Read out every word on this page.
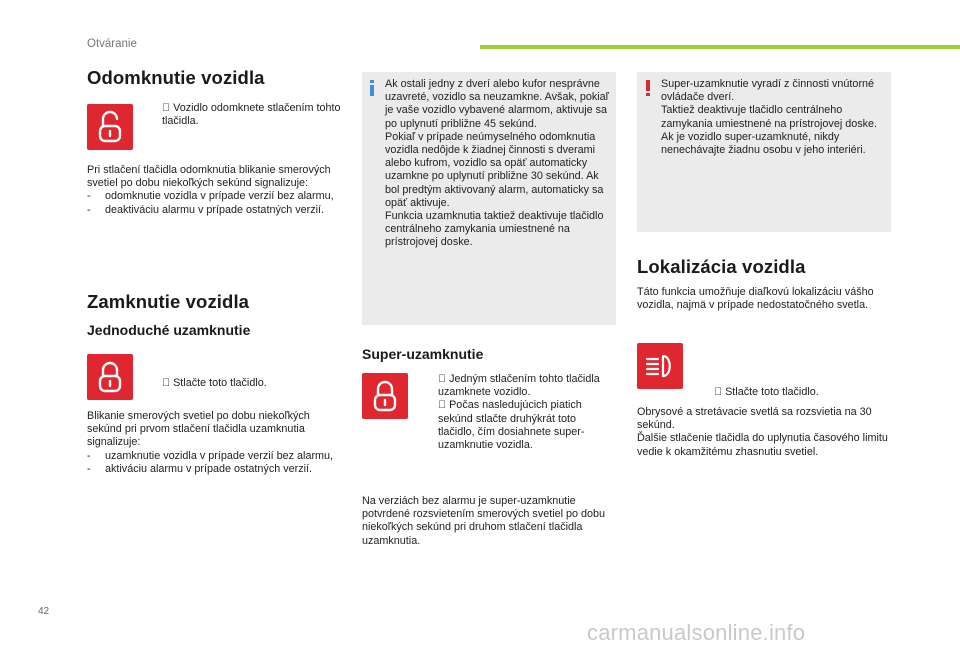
Otváranie
Odomknutie vozidla

Vozidlo odomknete stlačením tohto tlačidla.

Pri stlačení tlačidla odomknutia blikanie smerových svetiel po dobu niekoľkých sekúnd signalizuje:

- odomknutie vozidla v prípade verzií bez alarmu,
- deaktiváciu alarmu v prípade ostatných verzií.
Zamknutie vozidla
Jednoduché uzamknutie

Stlačte toto tlačidlo.

Blikanie smerových svetiel po dobu niekoľkých sekúnd pri prvom stlačení tlačidla uzamknutia signalizuje:

- uzamknutie vozidla v prípade verzií bez alarmu,
- aktiváciu alarmu v prípade ostatných verzií.
Ak ostali jedny z dverí alebo kufor nesprávne uzavreté, vozidlo sa neuzamkne. Avšak, pokiaľ je vaše vozidlo vybavené alarmom, aktivuje sa po uplynutí približne 45 sekúnd.
Pokiaľ v prípade neúmyselného odomknutia vozidla nedôjde k žiadnej činnosti s dverami alebo kufrom, vozidlo sa opäť automaticky uzamkne po uplynutí približne 30 sekúnd. Ak bol predtým aktivovaný alarm, automaticky sa opäť aktivuje.
Funkcia uzamknutia taktiež deaktivuje tlačidlo centrálneho zamykania umiestnené na prístrojovej doske.
Super-uzamknutie

Jedným stlačením tohto tlačidla uzamknete vozidlo.

Počas nasledujúcich piatich sekúnd stlačte druhýkrát toto tlačidlo, čím dosiahnete super-uzamknutie vozidla.
Na verziách bez alarmu je super-uzamknutie potvrdené rozsvietením smerových svetiel po dobu niekoľkých sekúnd pri druhom stlačení tlačidla uzamknutia.
Super-uzamknutie vyradí z činnosti vnútorné ovládače dverí.
Taktiež deaktivuje tlačidlo centrálneho zamykania umiestnené na prístrojovej doske.
Ak je vozidlo super-uzamknuté, nikdy nenechávajte žiadnu osobu v jeho interiéri.
Lokalizácia vozidla
Táto funkcia umožňuje diaľkovú lokalizáciu vášho vozidla, najmä v prípade nedostatočného svetla.

Stlačte toto tlačidlo.
Obrysové a stretávacie svetlá sa rozsvietia na 30 sekúnd.
Ďalšie stlačenie tlačidla do uplynutia časového limitu vedie k okamžitému zhasnutiu svetiel.
42
carmanualsonline.info
